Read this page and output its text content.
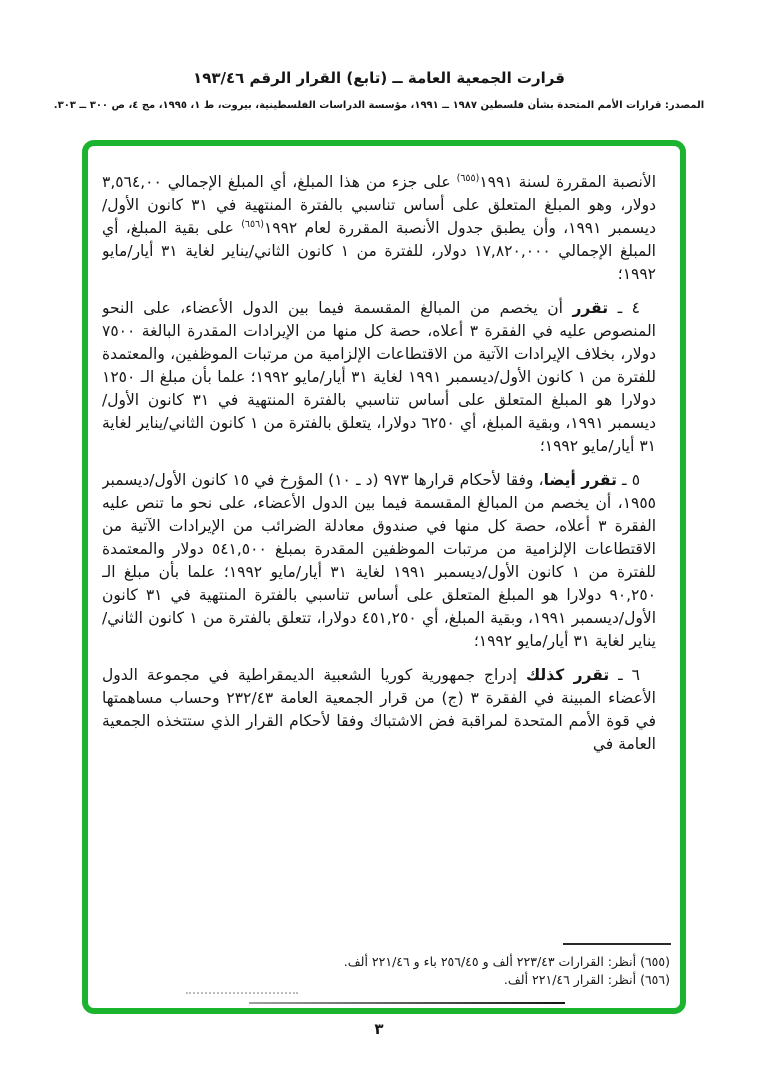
قرارت الجمعية العامة ــ (تابع) القرار الرقم ١٩٣/٤٦
المصدر: قرارات الأمم المتحدة بشأن فلسطين ١٩٨٧ ــ ١٩٩١، مؤسسة الدراسات الفلسطينية، بيروت، ط ١، ١٩٩٥، مج ٤، ص ٣٠٠ ــ ٣٠٣.

الأنصبة المقررة لسنة ١٩٩١$^{(٦٥٥)}$ على جزء من هذا المبلغ، أي المبلغ الإجمالي ٣,٥٦٤,٠٠ دولار، وهو المبلغ المتعلق على أساس تناسبي بالفترة المنتهية في ٣١ كانون الأول/ديسمبر ١٩٩١، وأن يطبق جدول الأنصبة المقررة لعام ١٩٩٢$^{(٦٥٦)}$ على بقية المبلغ، أي المبلغ الإجمالي ١٧,٨٢٠,٠٠٠ دولار، للفترة من ١ كانون الثاني/يناير لغاية ٣١ أيار/مايو ١٩٩٢؛

٤ ـ تقرر أن يخصم من المبالغ المقسمة فيما بين الدول الأعضاء، على النحو المنصوص عليه في الفقرة ٣ أعلاه، حصة كل منها من الإيرادات المقدرة البالغة ٧٥٠٠ دولار، بخلاف الإيرادات الآتية من الاقتطاعات الإلزامية من مرتبات الموظفين، والمعتمدة للفترة من ١ كانون الأول/ديسمبر ١٩٩١ لغاية ٣١ أيار/مايو ١٩٩٢؛ علما بأن مبلغ الـ ١٢٥٠ دولارا هو المبلغ المتعلق على أساس تناسبي بالفترة المنتهية في ٣١ كانون الأول/ديسمبر ١٩٩١، وبقية المبلغ، أي ٦٢٥٠ دولارا، يتعلق بالفترة من ١ كانون الثاني/يناير لغاية ٣١ أيار/مايو ١٩٩٢؛

٥ ـ تقرر أيضا، وفقا لأحكام قرارها ٩٧٣ (د ـ ١٠) المؤرخ في ١٥ كانون الأول/ديسمبر ١٩٥٥، أن يخصم من المبالغ المقسمة فيما بين الدول الأعضاء، على نحو ما تنص عليه الفقرة ٣ أعلاه، حصة كل منها في صندوق معادلة الضرائب من الإيرادات الآتية من الاقتطاعات الإلزامية من مرتبات الموظفين المقدرة بمبلغ ٥٤١,٥٠٠ دولار والمعتمدة للفترة من ١ كانون الأول/ديسمبر ١٩٩١ لغاية ٣١ أيار/مايو ١٩٩٢؛ علما بأن مبلغ الـ ٩٠,٢٥٠ دولارا هو المبلغ المتعلق على أساس تناسبي بالفترة المنتهية في ٣١ كانون الأول/ديسمبر ١٩٩١، وبقية المبلغ، أي ٤٥١,٢٥٠ دولارا، تتعلق بالفترة من ١ كانون الثاني/يناير لغاية ٣١ أيار/مايو ١٩٩٢؛

٦ ـ تقرر كذلك إدراج جمهورية كوريا الشعبية الديمقراطية في مجموعة الدول الأعضاء المبينة في الفقرة ٣ (ج) من قرار الجمعية العامة ٢٣٢/٤٣ وحساب مساهمتها في قوة الأمم المتحدة لمراقبة فض الاشتباك وفقا لأحكام القرار الذي ستتخذه الجمعية العامة في

(٦٥٥) أنظر: القرارات ٢٢٣/٤٣ ألف و ٢٥٦/٤٥ باء و ٢٢١/٤٦ ألف.
(٦٥٦) أنظر: القرار ٢٢١/٤٦ ألف.
٣
